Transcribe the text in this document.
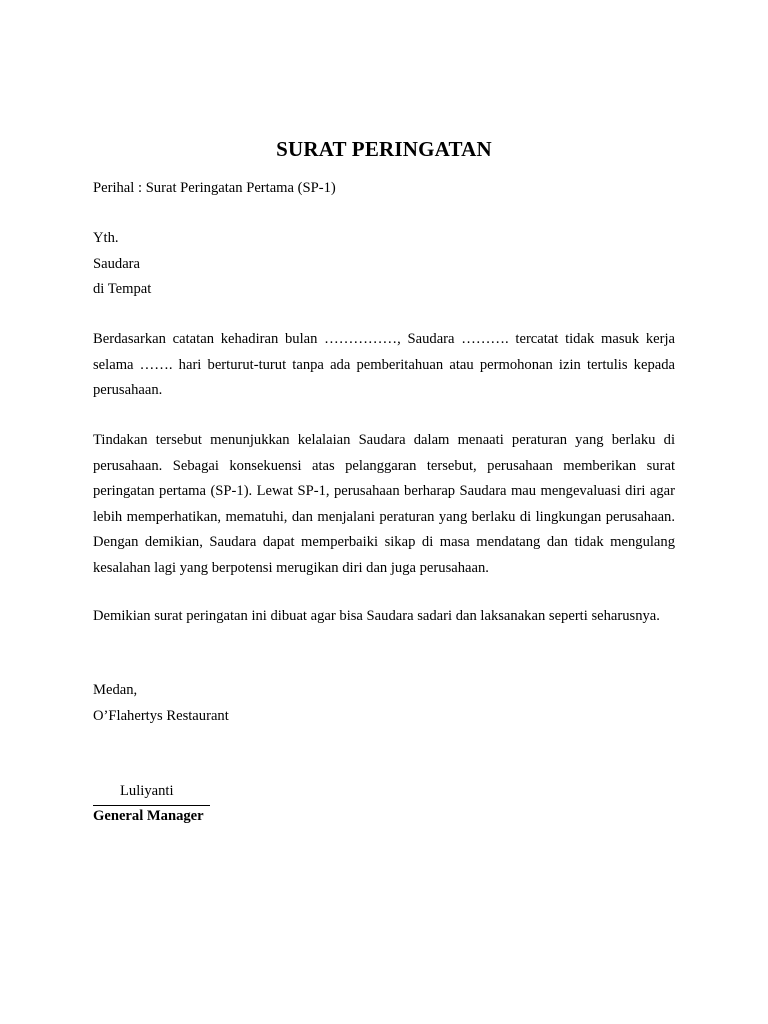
SURAT PERINGATAN
Perihal : Surat Peringatan Pertama (SP-1)
Yth.
Saudara
di Tempat
Berdasarkan catatan kehadiran bulan ……………, Saudara ………. tercatat tidak masuk kerja selama ……. hari berturut-turut tanpa ada pemberitahuan atau permohonan izin tertulis kepada perusahaan.
Tindakan tersebut menunjukkan kelalaian Saudara dalam menaati peraturan yang berlaku di perusahaan. Sebagai konsekuensi atas pelanggaran tersebut, perusahaan memberikan surat peringatan pertama (SP-1). Lewat SP-1, perusahaan berharap Saudara mau mengevaluasi diri agar lebih memperhatikan, mematuhi, dan menjalani peraturan yang berlaku di lingkungan perusahaan. Dengan demikian, Saudara dapat memperbaiki sikap di masa mendatang dan tidak mengulang kesalahan lagi yang berpotensi merugikan diri dan juga perusahaan.
Demikian surat peringatan ini dibuat agar bisa Saudara sadari dan laksanakan seperti seharusnya.
Medan,
O’Flahertys Restaurant
Luliyanti
General Manager
